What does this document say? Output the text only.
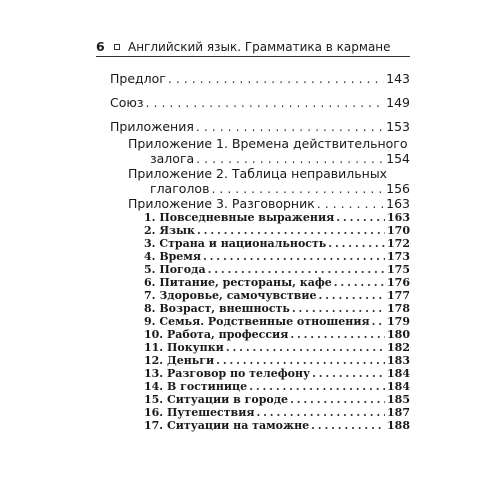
6	Английский язык. Грамматика в кармане
Предлог . . .	143
Союз . . .	149
Приложения . . .	153
Приложение 1. Времена действительного
залога . . .	154
Приложение 2. Таблица неправильных
глаголов . . .	156
Приложение 3. Разговорник . . .	163
1. Повседневные выражения . . .	163
2. Язык . . .	170
3. Страна и национальность . . .	172
4. Время . . .	173
5. Погода . . .	175
6. Питание, рестораны, кафе . . .	176
7. Здоровье, самочувствие . . .	177
8. Возраст, внешность . . .	178
9. Семья. Родственные отношения . . . 179
10. Работа, профессия . . .	180
11. Покупки . . .	182
12. Деньги . . .	183
13. Разговор по телефону . . .	184
14. В гостинице . . .	184
15. Ситуации в городе . . .	185
16. Путешествия . . .	187
17. Ситуации на таможне . . .	188
